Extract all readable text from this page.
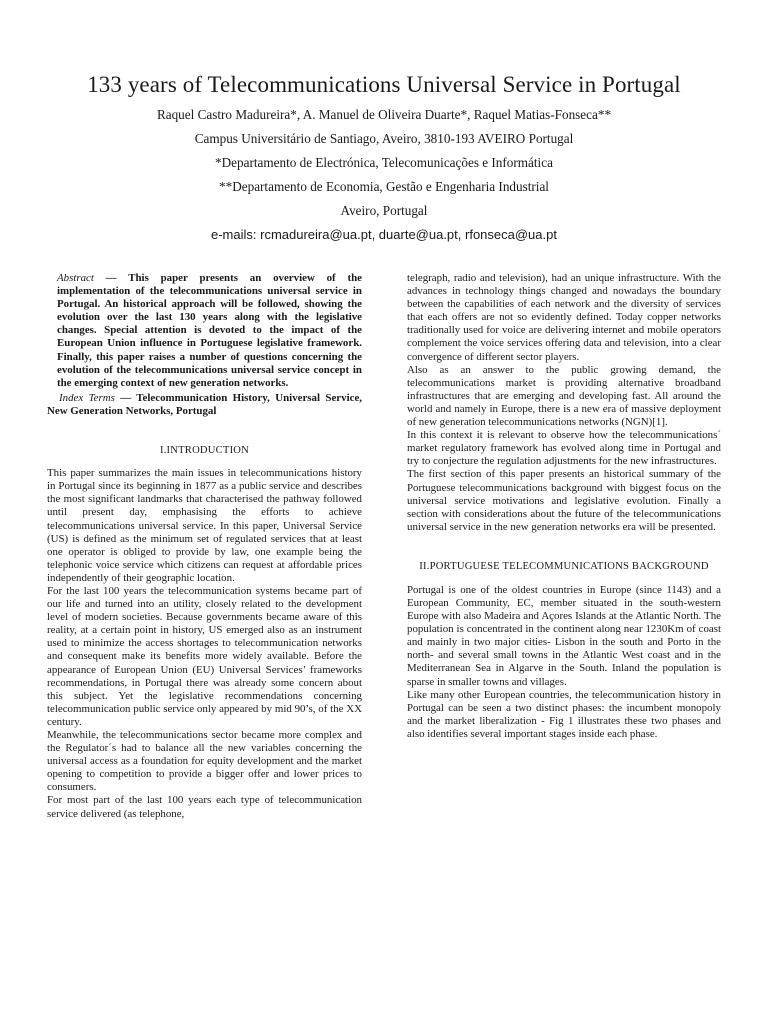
133 years of Telecommunications Universal Service in Portugal

Raquel Castro Madureira*, A. Manuel de Oliveira Duarte*, Raquel Matias-Fonseca**

Campus Universitário de Santiago, Aveiro, 3810-193 AVEIRO Portugal

*Departamento de Electrónica, Telecomunicações e Informática

**Departamento de Economia, Gestão e Engenharia Industrial

Aveiro, Portugal

e-mails: rcmadureira@ua.pt, duarte@ua.pt, rfonseca@ua.pt

Abstract — This paper presents an overview of the implementation of the telecommunications universal service in Portugal. An historical approach will be followed, showing the evolution over the last 130 years along with the legislative changes. Special attention is devoted to the impact of the European Union influence in Portuguese legislative framework. Finally, this paper raises a number of questions concerning the evolution of the telecommunications universal service concept in the emerging context of new generation networks.

Index Terms — Telecommunication History, Universal Service, New Generation Networks, Portugal

I.INTRODUCTION

This paper summarizes the main issues in telecommunications history in Portugal since its beginning in 1877 as a public service and describes the most significant landmarks that characterised the pathway followed until present day, emphasising the efforts to achieve telecommunications universal service. In this paper, Universal Service (US) is defined as the minimum set of regulated services that at least one operator is obliged to provide by law, one example being the telephonic voice service which citizens can request at affordable prices independently of their geographic location.

For the last 100 years the telecommunication systems became part of our life and turned into an utility, closely related to the development level of modern societies. Because governments became aware of this reality, at a certain point in history, US emerged also as an instrument used to minimize the access shortages to telecommunication networks and consequent make its benefits more widely available. Before the appearance of European Union (EU) Universal Services’ frameworks recommendations, in Portugal there was already some concern about this subject. Yet the legislative recommendations concerning telecommunication public service only appeared by mid 90’s, of the XX century.

Meanwhile, the telecommunications sector became more complex and the Regulator´s had to balance all the new variables concerning the universal access as a foundation for equity development and the market opening to competition to provide a bigger offer and lower prices to consumers.

For most part of the last 100 years each type of telecommunication service delivered (as telephone,

telegraph, radio and television), had an unique infrastructure. With the advances in technology things changed and nowadays the boundary between the capabilities of each network and the diversity of services that each offers are not so evidently defined. Today copper networks traditionally used for voice are delivering internet and mobile operators complement the voice services offering data and television, into a clear convergence of different sector players.

Also as an answer to the public growing demand, the telecommunications market is providing alternative broadband infrastructures that are emerging and developing fast. All around the world and namely in Europe, there is a new era of massive deployment of new generation telecommunications networks (NGN)[1].

In this context it is relevant to observe how the telecommunications´ market regulatory framework has evolved along time in Portugal and try to conjecture the regulation adjustments for the new infrastructures.

The first section of this paper presents an historical summary of the Portuguese telecommunications background with biggest focus on the universal service motivations and legislative evolution. Finally a section with considerations about the future of the telecommunications universal service in the new generation networks era will be presented.

II.PORTUGUESE TELECOMMUNICATIONS BACKGROUND

Portugal is one of the oldest countries in Europe (since 1143) and a European Community, EC, member situated in the south-western Europe with also Madeira and Açores Islands at the Atlantic North. The population is concentrated in the continent along near 1230Km of coast and mainly in two major cities- Lisbon in the south and Porto in the north- and several small towns in the Atlantic West coast and in the Mediterranean Sea in Algarve in the South. Inland the population is sparse in smaller towns and villages.

Like many other European countries, the telecommunication history in Portugal can be seen a two distinct phases: the incumbent monopoly and the market liberalization - Fig 1 illustrates these two phases and also identifies several important stages inside each phase.
